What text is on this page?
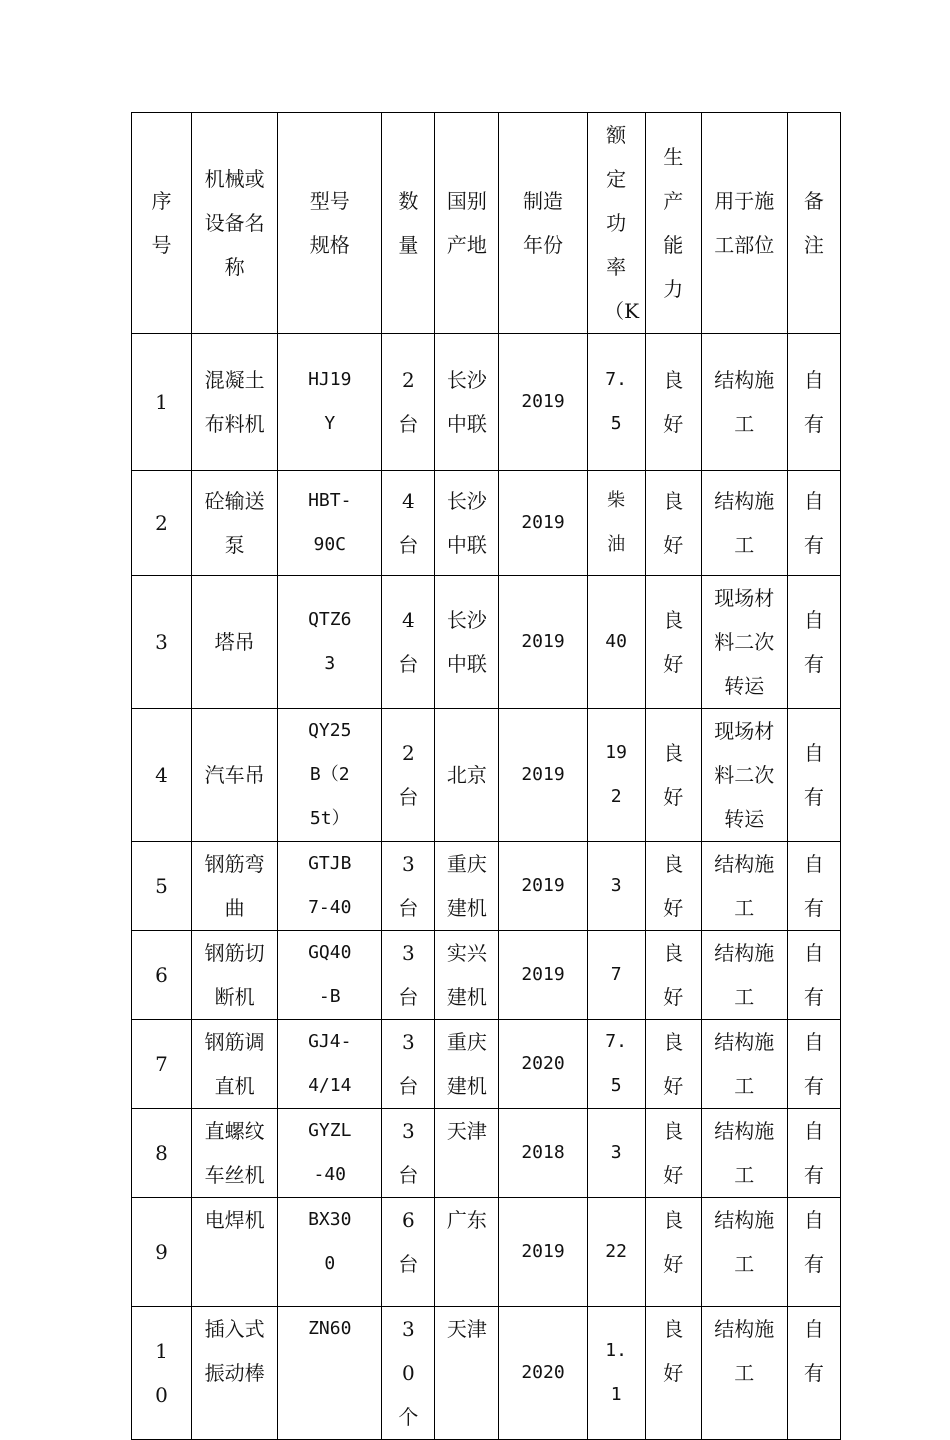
序号	机械或设备名称	型号规格	数量	国别产地	制造年份	额定功率（K	生产能力	用于施工部位	备注

1	混凝土布料机	HJ19Y	2台	长沙中联	2019	7.5	良好	结构施工	自有

2	砼输送泵	HBT-90C	4台	长沙中联	2019	柴油	良好	结构施工	自有

3	塔吊	QTZ63	4台	长沙中联	2019	40	良好	现场材料二次转运	自有

4	汽车吊	QY25B（25t）	2台	北京	2019	192	良好	现场材料二次转运	自有

5	钢筋弯曲	GTJB7-40	3台	重庆建机	2019	3	良好	结构施工	自有

6	钢筋切断机	GQ40-B	3台	实兴建机	2019	7	良好	结构施工	自有

7	钢筋调直机	GJ4-4/14	3台	重庆建机	2020	7.5	良好	结构施工	自有

8	直螺纹车丝机	GYZL-40	3台	天津	2018	3	良好	结构施工	自有

9	电焊机	BX300	6台	广东	2019	22	良好	结构施工	自有

10	插入式振动棒	ZN60	30个	天津	2020	1.1	良好	结构施工	自有
